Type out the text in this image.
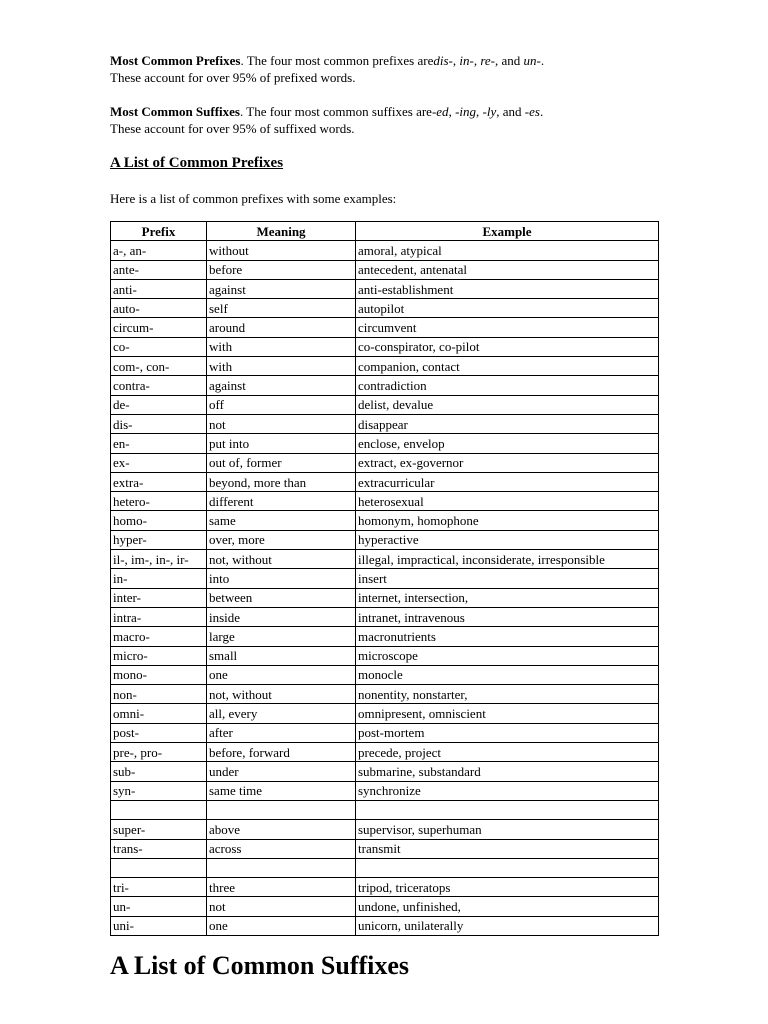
Most Common Prefixes. The four most common prefixes aredis-, in-, re-, and un-.
These account for over 95% of prefixed words.

Most Common Suffixes. The four most common suffixes are-ed, -ing, -ly, and -es.
These account for over 95% of suffixed words.

A List of Common Prefixes

Here is a list of common prefixes with some examples:

Prefix	Meaning	Example
a-, an-	without	amoral, atypical
ante-	before	antecedent, antenatal
anti-	against	anti-establishment
auto-	self	autopilot
circum-	around	circumvent
co-	with	co-conspirator, co-pilot
com-, con-	with	companion, contact
contra-	against	contradiction
de-	off	delist, devalue
dis-	not	disappear
en-	put into	enclose, envelop
ex-	out of, former	extract, ex-governor
extra-	beyond, more than	extracurricular
hetero-	different	heterosexual
homo-	same	homonym, homophone
hyper-	over, more	hyperactive
il-, im-, in-, ir-	not, without	illegal, impractical, inconsiderate, irresponsible
in-	into	insert
inter-	between	internet, intersection,
intra-	inside	intranet, intravenous
macro-	large	macronutrients
micro-	small	microscope
mono-	one	monocle
non-	not, without	nonentity, nonstarter,
omni-	all, every	omnipresent, omniscient
post-	after	post-mortem
pre-, pro-	before, forward	precede, project
sub-	under	submarine, substandard
syn-	same time	synchronize

super-	above	supervisor, superhuman
trans-	across	transmit

tri-	three	tripod, triceratops
un-	not	undone, unfinished,
uni-	one	unicorn, unilaterally
A List of Common Suffixes
